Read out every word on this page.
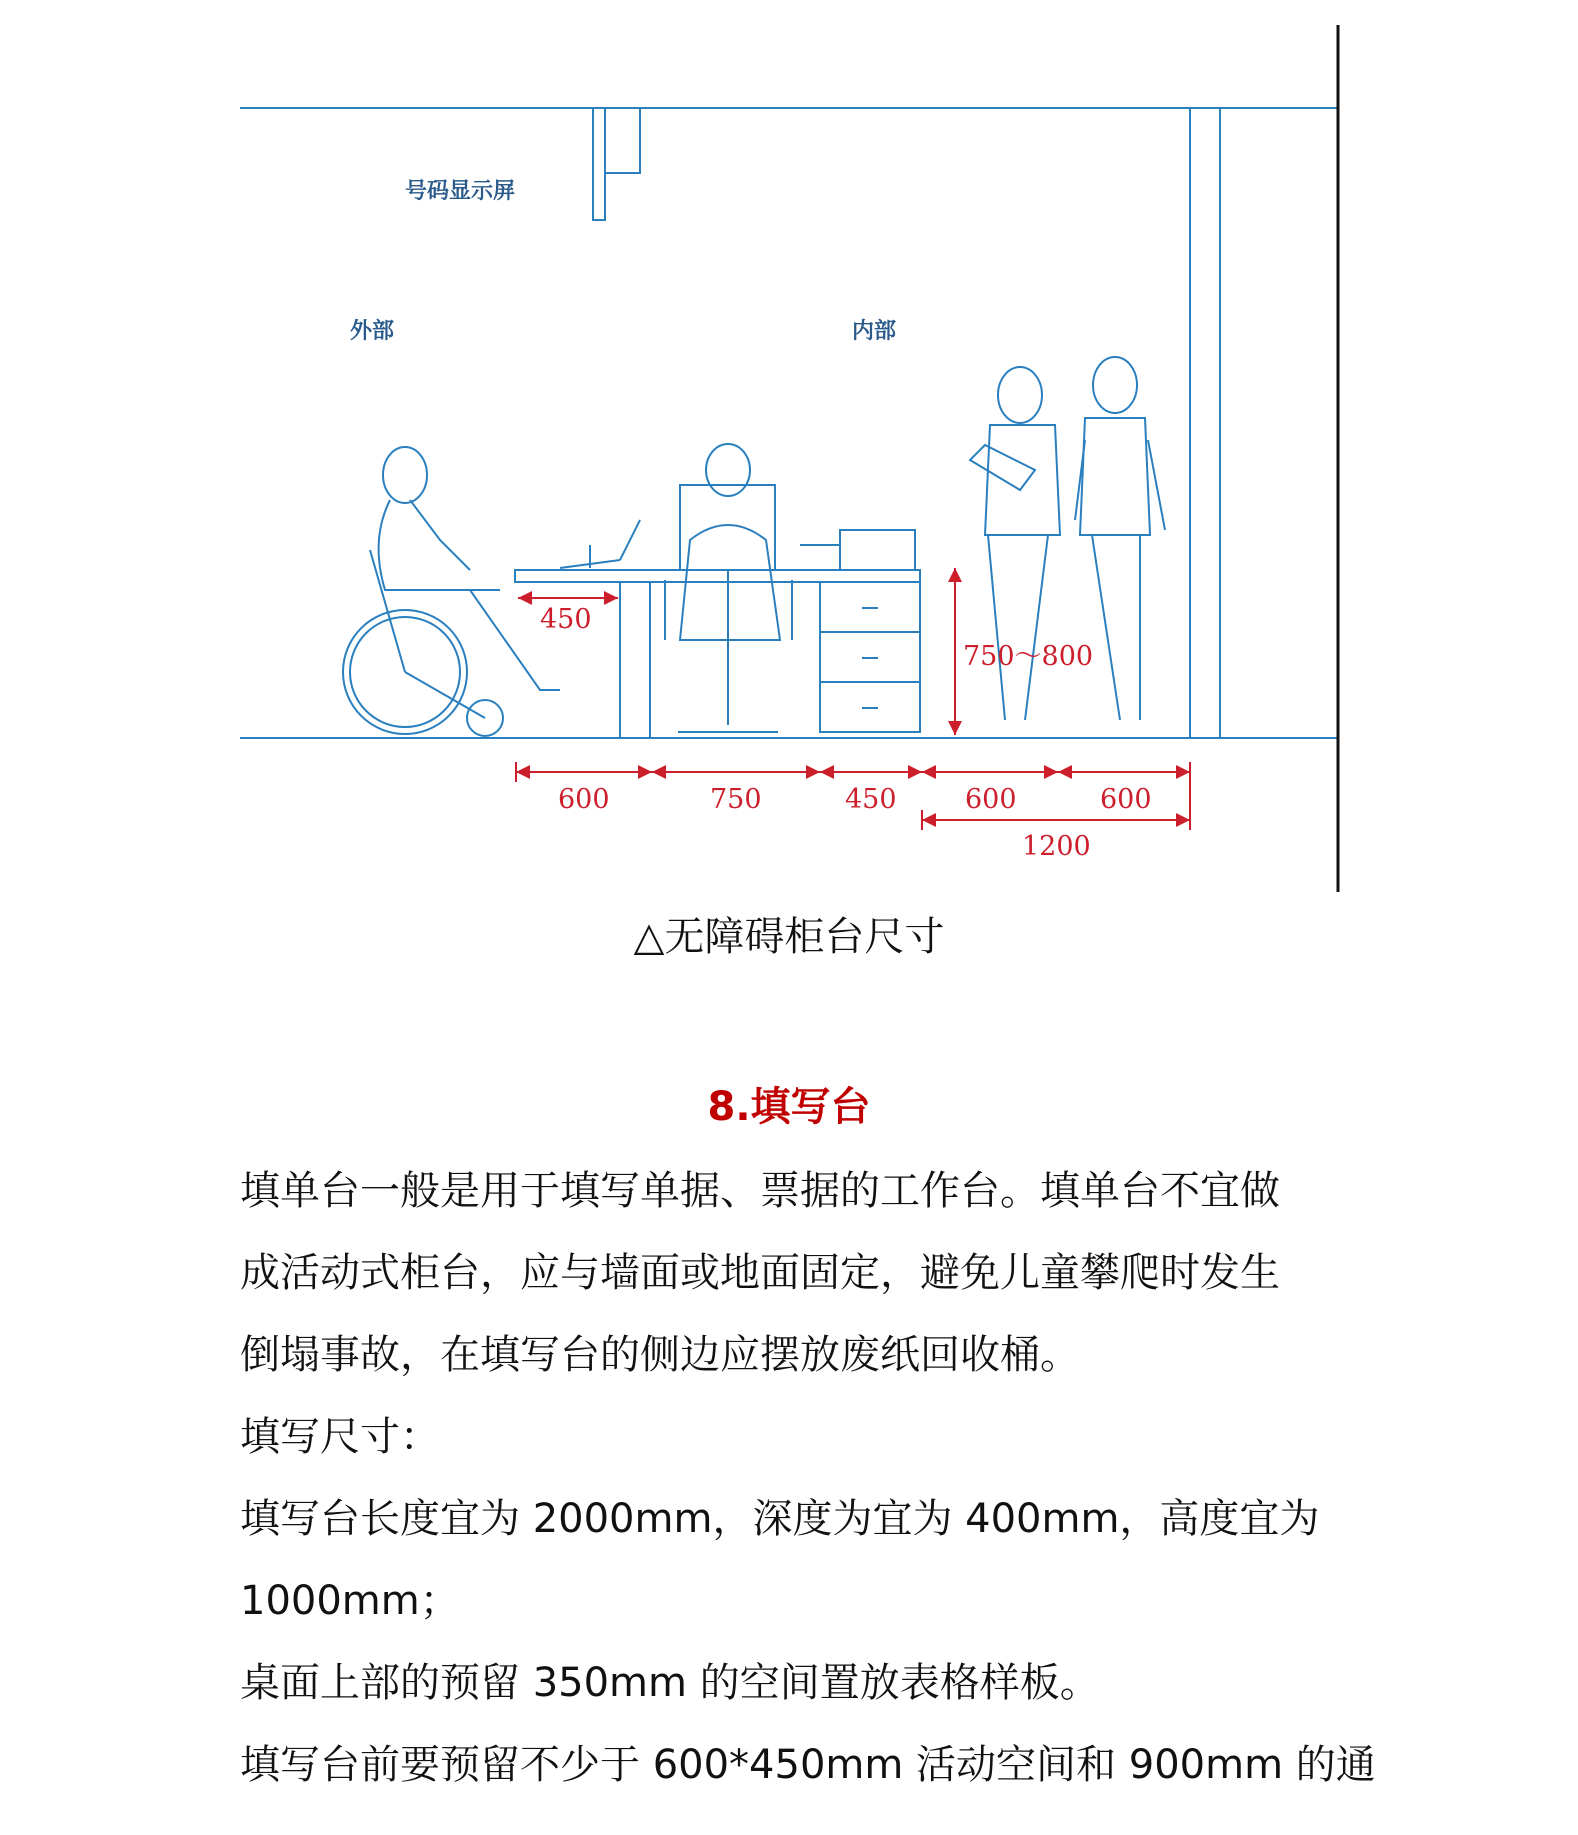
号码显示屏
外部	内部
450
750～800
600	750	450	600	600
1200
△无障碍柜台尺寸
8.填写台

填单台一般是用于填写单据、票据的工作台。填单台不宜做

成活动式柜台，应与墙面或地面固定，避免儿童攀爬时发生

倒塌事故，在填写台的侧边应摆放废纸回收桶。

填写尺寸：

填写台长度宜为 2000mm，深度为宜为 400mm，高度宜为

1000mm；

桌面上部的预留 350mm 的空间置放表格样板。

填写台前要预留不少于 600*450mm 活动空间和 900mm 的通
